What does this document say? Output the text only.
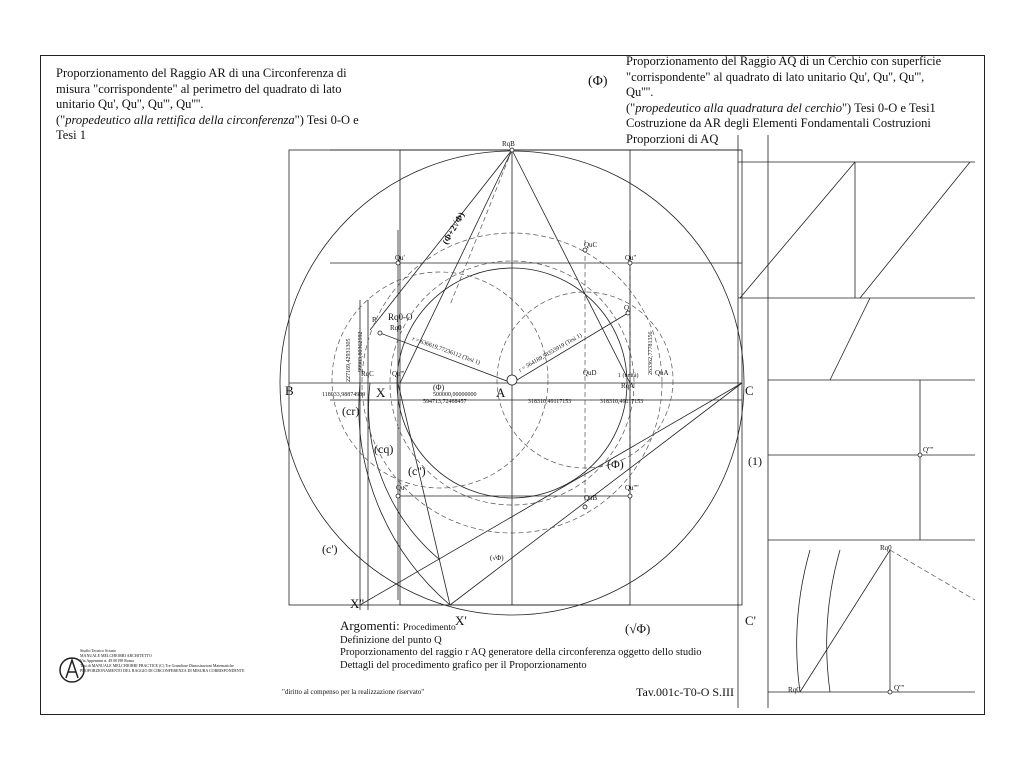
Proporzionamento del Raggio AR di una Circonferenza di
misura "corrispondente" al perimetro del quadrato di lato
unitario Qu', Qu'', Qu''', Qu''''.
("propedeutico alla rettifica della circonferenza") Tesi 0-O e
Tesi 1
(Φ)
Proporzionamento del Raggio AQ di un Cerchio con superficie
"corrispondente" al quadrato di lato unitario Qu', Qu'', Qu''',
Qu''''.
("propedeutico alla quadratura del cerchio") Tesi 0-O e Tesi1
Costruzione da AR degli Elementi Fondamentali Costruzioni
Proporzioni di AQ
B	C
C'
A
X
X'
X''
RqB
Qu'	Qu''
Qu'''	Qu''''
QuC
QuD	QuA
QuB
RqA
Qu'''
RqC
Rq0-O
Rq0
R
Q
1 (unità)
(Φ+2√Φ)
(Φ)
(Φ)
(√Φ)
(√Φ)
(cr)
(cq)
(c'')
(c')
(1)
Q''''
Q''''
Rq0
RqC
r = 636619,77236112 (Tesi 1)	r = 564189,58353919 (Tesi 1)
227169,42931305 99983,80362592	263362,77781356
118033,98874989	500000,00000000
594713,72468457	318310,49117153	318310,49117153
Argomenti: Procedimento
Definizione del punto Q
Proporzionamento del raggio r AQ generatore della circonferenza oggetto dello studio
Dettagli del procedimento grafico per il Proporzionamento
Studio Tecnico Sciano
MANUALE MELCHIORRI ARCHITETTO
Via Appennini n. 49 00198 Roma
Tesi di MANUALE MELCHIORRI PRACTICE (C) Tre Grandiose Dimostrazioni Matematiche
PROPORZIONAMENTO DEL RAGGIO DI CIRCONFERENZA DI MISURA CORRISPONDENTE
"diritto al compenso per la realizzazione riservato"	Tav.001c-T0-O S.III
